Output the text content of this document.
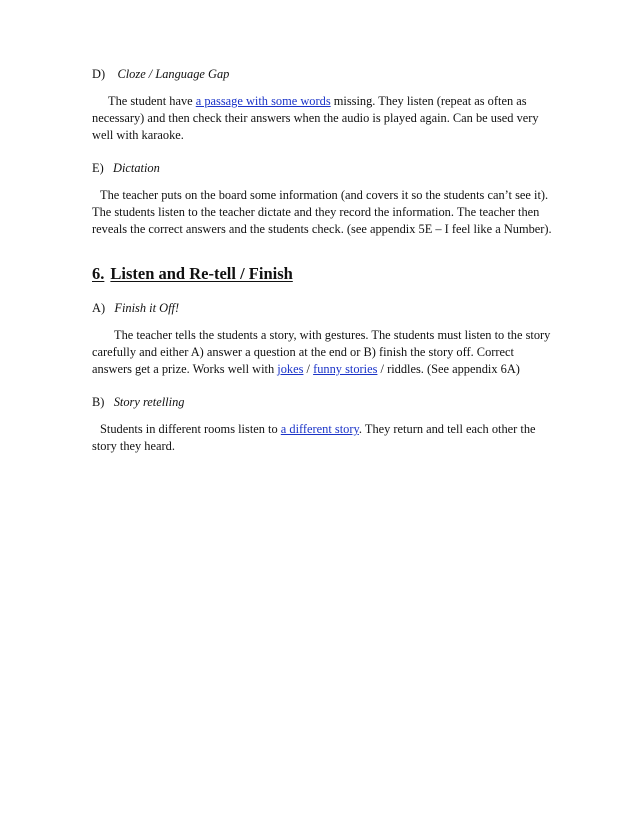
D) Cloze / Language Gap

The student have a passage with some words missing. They listen (repeat as often as necessary) and then check their answers when the audio is played again. Can be used very well with karaoke.

E) Dictation

The teacher puts on the board some information (and covers it so the students can’t see it). The students listen to the teacher dictate and they record the information. The teacher then reveals the correct answers and the students check. (see appendix 5E – I feel like a Number).

6. Listen and Re-tell / Finish

A) Finish it Off!

The teacher tells the students a story, with gestures. The students must listen to the story carefully and either A) answer a question at the end or B) finish the story off. Correct answers get a prize. Works well with jokes / funny stories / riddles. (See appendix 6A)

B) Story retelling

Students in different rooms listen to a different story. They return and tell each other the story they heard.
